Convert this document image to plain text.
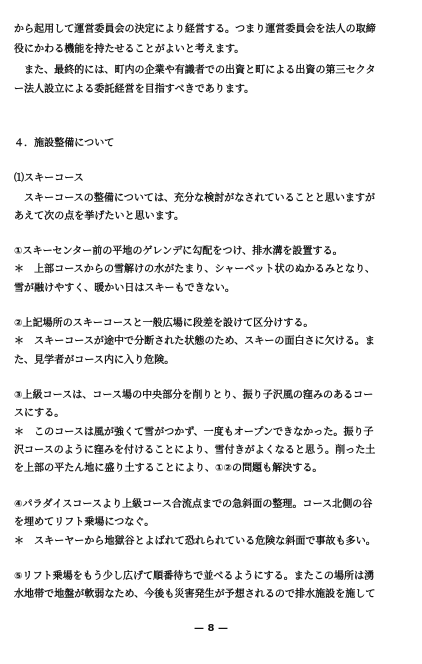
から起用して運営委員会の決定により経営する。つまり運営委員会を法人の取締
役にかわる機能を持たせることがよいと考えます。
また、最終的には、町内の企業や有識者での出資と町による出資の第三セクタ
ー法人設立による委託経営を目指すべきであります。
４．施設整備について
⑴スキーコース
スキーコースの整備については、充分な検討がなされていることと思いますが
あえて次の点を挙げたいと思います。
①スキーセンター前の平地のゲレンデに勾配をつけ、排水溝を設置する。
＊　上部コースからの雪解けの水がたまり、シャーベット状のぬかるみとなり、
雪が融けやすく、暖かい日はスキーもできない。
②上記場所のスキーコースと一般広場に段差を設けて区分けする。
＊　スキーコースが途中で分断された状態のため、スキーの面白さに欠ける。ま
た、見学者がコース内に入り危険。
③上級コースは、コース場の中央部分を削りとり、振り子沢風の窪みのあるコー
スにする。
＊　このコースは風が強くて雪がつかず、一度もオープンできなかった。振り子
沢コースのように窪みを付けることにより、雪付きがよくなると思う。削った土
を上部の平たん地に盛り土することにより、①②の問題も解決する。
④パラダイスコースより上級コース合流点までの急斜面の整理。コース北側の谷
を埋めてリフト乗場につなぐ。
＊　スキーヤーから地獄谷とよばれて恐れられている危険な斜面で事故も多い。
⑤リフト乗場をもう少し広げて順番待ちで並べるようにする。またこの場所は湧
水地帯で地盤が軟弱なため、今後も災害発生が予想されるので排水施設を施して
— 8 —
